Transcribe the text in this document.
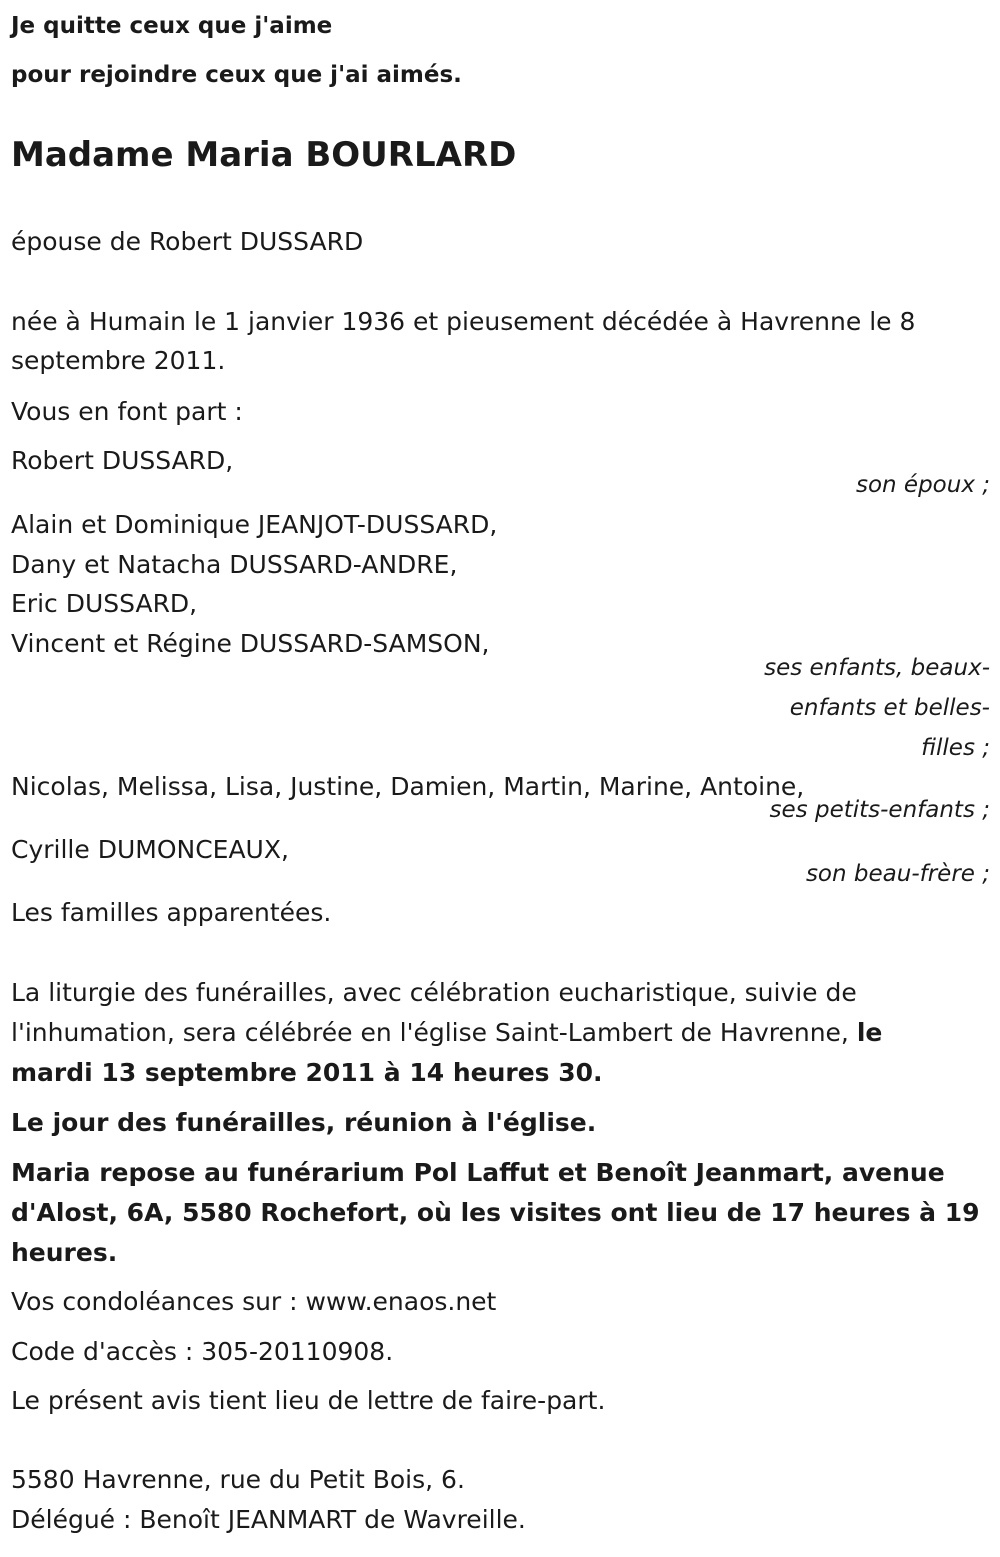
Je quitte ceux que j'aime
pour rejoindre ceux que j'ai aimés.
Madame Maria BOURLARD
épouse de Robert DUSSARD
née à Humain le 1 janvier 1936 et pieusement décédée à Havrenne le 8
septembre 2011.
Vous en font part :
Robert DUSSARD,
son époux ;
Alain et Dominique JEANJOT-DUSSARD,
Dany et Natacha DUSSARD-ANDRE,
Eric DUSSARD,
Vincent et Régine DUSSARD-SAMSON,
ses enfants, beaux-
enfants et belles-
filles ;
Nicolas, Melissa, Lisa, Justine, Damien, Martin, Marine, Antoine,
ses petits-enfants ;
Cyrille DUMONCEAUX,
son beau-frère ;
Les familles apparentées.
La liturgie des funérailles, avec célébration eucharistique, suivie de
l'inhumation, sera célébrée en l'église Saint-Lambert de Havrenne, le
mardi 13 septembre 2011 à 14 heures 30.
Le jour des funérailles, réunion à l'église.
Maria repose au funérarium Pol Laffut et Benoît Jeanmart, avenue
d'Alost, 6A, 5580 Rochefort, où les visites ont lieu de 17 heures à 19
heures.
Vos condoléances sur : www.enaos.net
Code d'accès : 305-20110908.
Le présent avis tient lieu de lettre de faire-part.
5580 Havrenne, rue du Petit Bois, 6.
Délégué : Benoît JEANMART de Wavreille.
